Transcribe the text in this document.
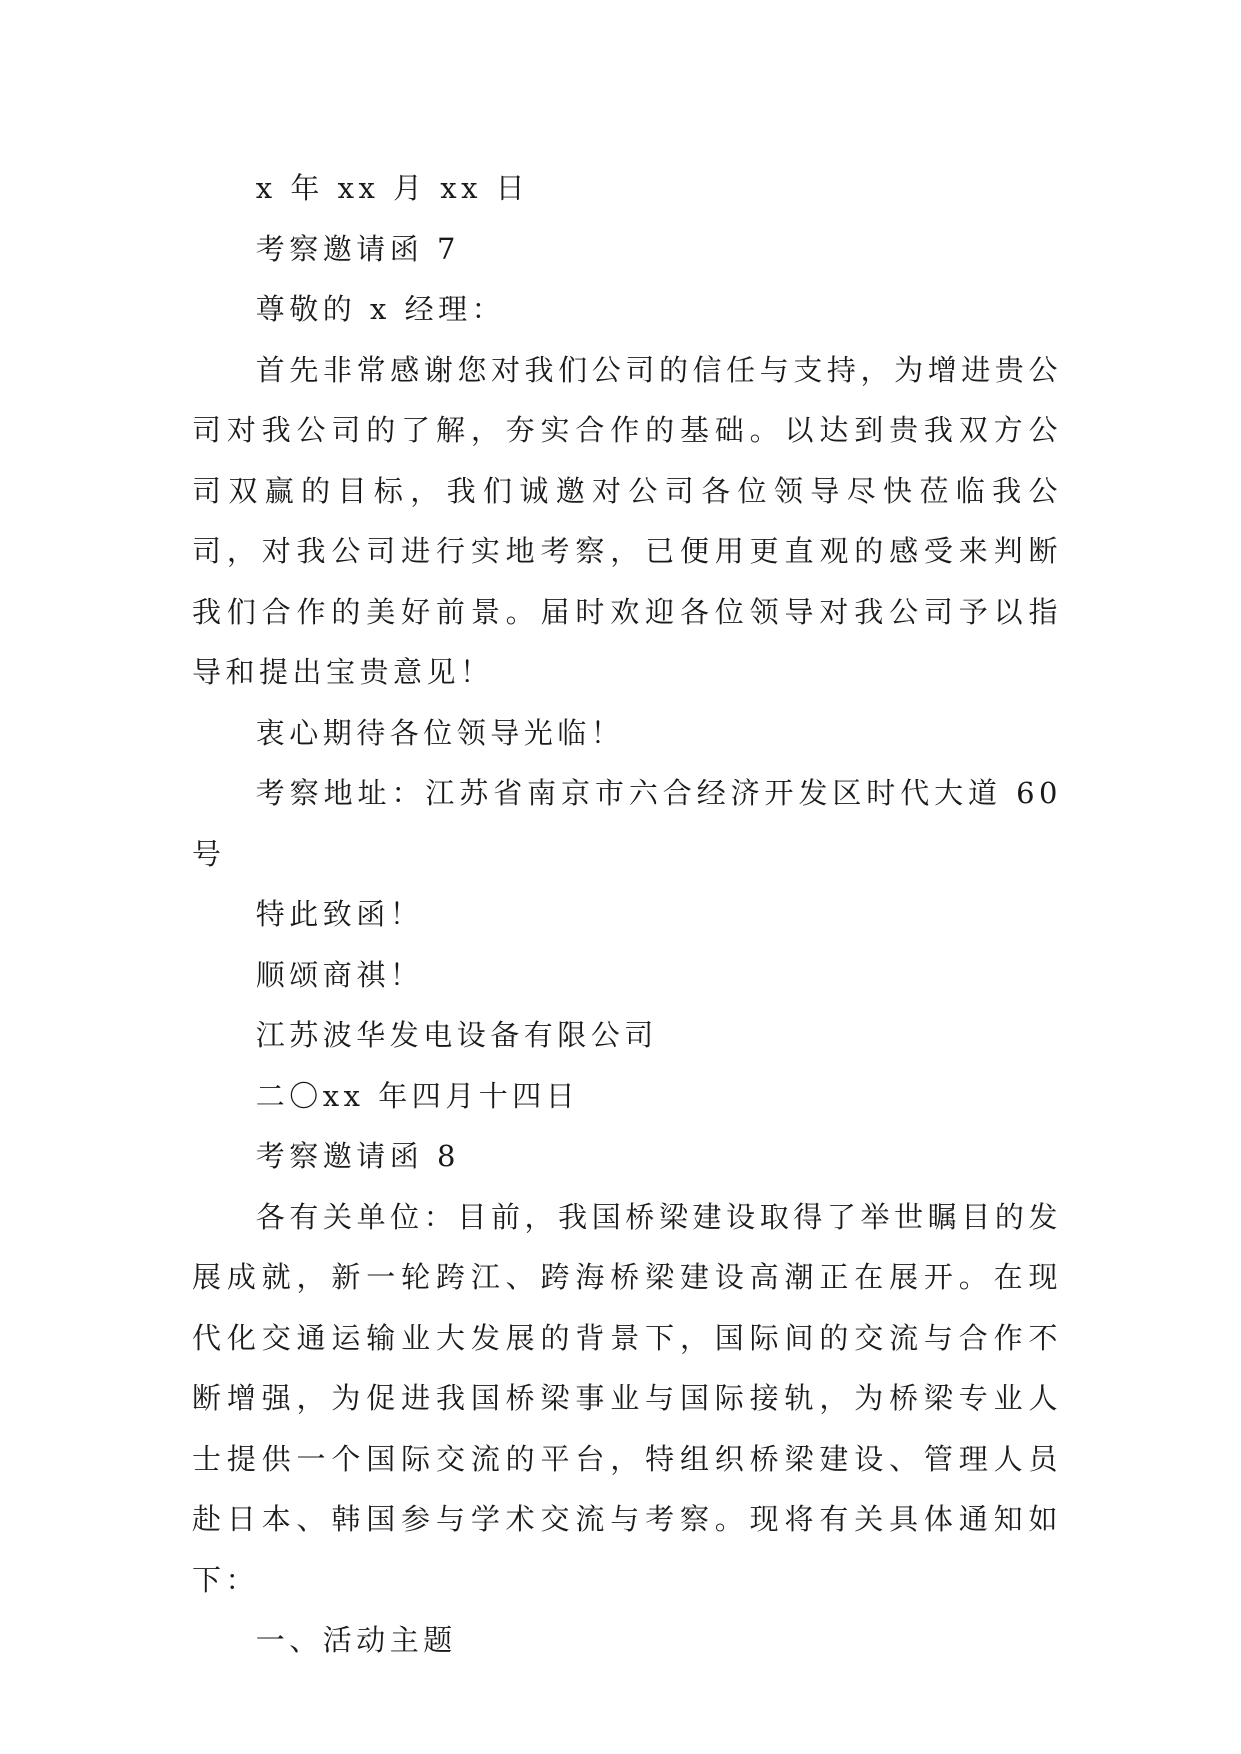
x 年 xx 月 xx 日

考察邀请函 7

尊敬的 x 经理：

首先非常感谢您对我们公司的信任与支持，为增进贵公司对我公司的了解，夯实合作的基础。以达到贵我双方公司双赢的目标，我们诚邀对公司各位领导尽快莅临我公司，对我公司进行实地考察，已便用更直观的感受来判断我们合作的美好前景。届时欢迎各位领导对我公司予以指导和提出宝贵意见！

衷心期待各位领导光临！

考察地址：江苏省南京市六合经济开发区时代大道 60 号

特此致函！

顺颂商祺！

江苏波华发电设备有限公司

二〇xx 年四月十四日

考察邀请函 8

各有关单位：目前，我国桥梁建设取得了举世瞩目的发展成就，新一轮跨江、跨海桥梁建设高潮正在展开。在现代化交通运输业大发展的背景下，国际间的交流与合作不断增强，为促进我国桥梁事业与国际接轨，为桥梁专业人士提供一个国际交流的平台，特组织桥梁建设、管理人员赴日本、韩国参与学术交流与考察。现将有关具体通知如下：

一、活动主题
